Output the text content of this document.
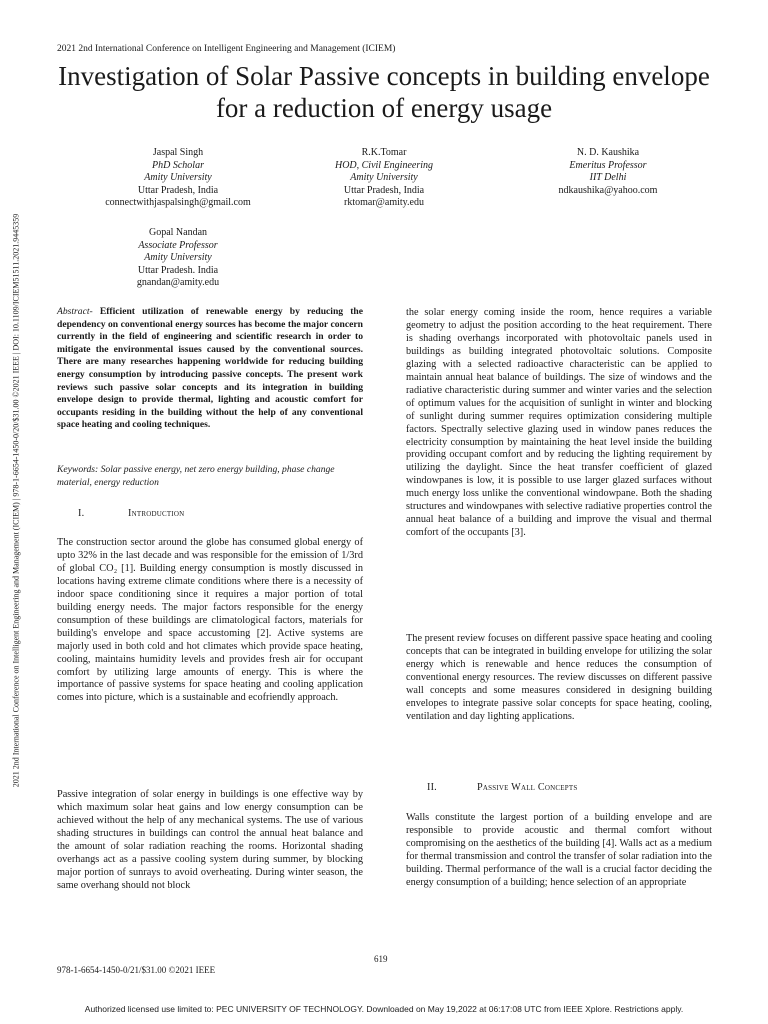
2021 2nd International Conference on Intelligent Engineering and Management (ICIEM)
Investigation of Solar Passive concepts in building envelope for a reduction of energy usage
2021 2nd International Conference on Intelligent Engineering and Management (ICIEM) | 978-1-6654-1450-0/20/$31.00 ©2021 IEEE | DOI: 10.1109/ICIEM51511.2021.9445359
Jaspal Singh
PhD Scholar
Amity University
Uttar Pradesh, India
connectwithjaspalsingh@gmail.com
R.K.Tomar
HOD, Civil Engineering
Amity University
Uttar Pradesh, India
rktomar@amity.edu
N. D. Kaushika
Emeritus Professor
IIT Delhi
ndkaushika@yahoo.com
Gopal Nandan
Associate Professor
Amity University
Uttar Pradesh. India
gnandan@amity.edu

Abstract- Efficient utilization of renewable energy by reducing the dependency on conventional energy sources has become the major concern currently in the field of engineering and scientific research in order to mitigate the environmental issues caused by the conventional sources. There are many researches happening worldwide for reducing building energy consumption by introducing passive concepts. The present work reviews such passive solar concepts and its integration in building envelope design to provide thermal, lighting and acoustic comfort for occupants residing in the building without the help of any conventional space heating and cooling techniques.

Keywords: Solar passive energy, net zero energy building, phase change material, energy reduction

I.	Introduction

The construction sector around the globe has consumed global energy of upto 32% in the last decade and was responsible for the emission of 1/3rd of global CO₂ [1]. Building energy consumption is mostly discussed in locations having extreme climate conditions where there is a necessity of indoor space conditioning since it requires a major portion of total building energy needs. The major factors responsible for the energy consumption of these buildings are climatological factors, materials for building's envelope and space accustoming [2]. Active systems are majorly used in both cold and hot climates which provide space heating, cooling, maintains humidity levels and provides fresh air for occupant comfort by utilizing large amounts of energy. This is where the importance of passive systems for space heating and cooling application comes into picture, which is a sustainable and ecofriendly approach.

Passive integration of solar energy in buildings is one effective way by which maximum solar heat gains and low energy consumption can be achieved without the help of any mechanical systems. The use of various shading structures in buildings can control the annual heat balance and the amount of solar radiation reaching the rooms. Horizontal shading overhangs act as a passive cooling system during summer, by blocking major portion of sunrays to avoid overheating. During winter season, the same overhang should not block

the solar energy coming inside the room, hence requires a variable geometry to adjust the position according to the heat requirement. There is shading overhangs incorporated with photovoltaic panels used in buildings as building integrated photovoltaic solutions. Composite glazing with a selected radioactive characteristic can be applied to maintain annual heat balance of buildings. The size of windows and the radiative characteristic during summer and winter varies and the selection of optimum values for the acquisition of sunlight in winter and blocking of sunlight during summer requires optimization considering multiple factors. Spectrally selective glazing used in window panes reduces the electricity consumption by maintaining the heat level inside the building providing occupant comfort and by reducing the lighting requirement by utilizing the daylight. Since the heat transfer coefficient of glazed windowpanes is low, it is possible to use larger glazed surfaces without much energy loss unlike the conventional windowpane. Both the shading structures and windowpanes with selective radiative properties control the annual heat balance of a building and improve the visual and thermal comfort of the occupants [3].

The present review focuses on different passive space heating and cooling concepts that can be integrated in building envelope for utilizing the solar energy which is renewable and hence reduces the consumption of conventional energy resources. The review discusses on different passive wall concepts and some measures considered in designing building envelopes to integrate passive solar concepts for space heating, cooling, ventilation and day lighting applications.

II.	Passive Wall Concepts

Walls constitute the largest portion of a building envelope and are responsible to provide acoustic and thermal comfort without compromising on the aesthetics of the building [4]. Walls act as a medium for thermal transmission and control the transfer of solar radiation into the building. Thermal performance of the wall is a crucial factor deciding the energy consumption of a building; hence selection of an appropriate

619
978-1-6654-1450-0/21/$31.00 ©2021 IEEE
Authorized licensed use limited to: PEC UNIVERSITY OF TECHNOLOGY. Downloaded on May 19,2022 at 06:17:08 UTC from IEEE Xplore. Restrictions apply.
